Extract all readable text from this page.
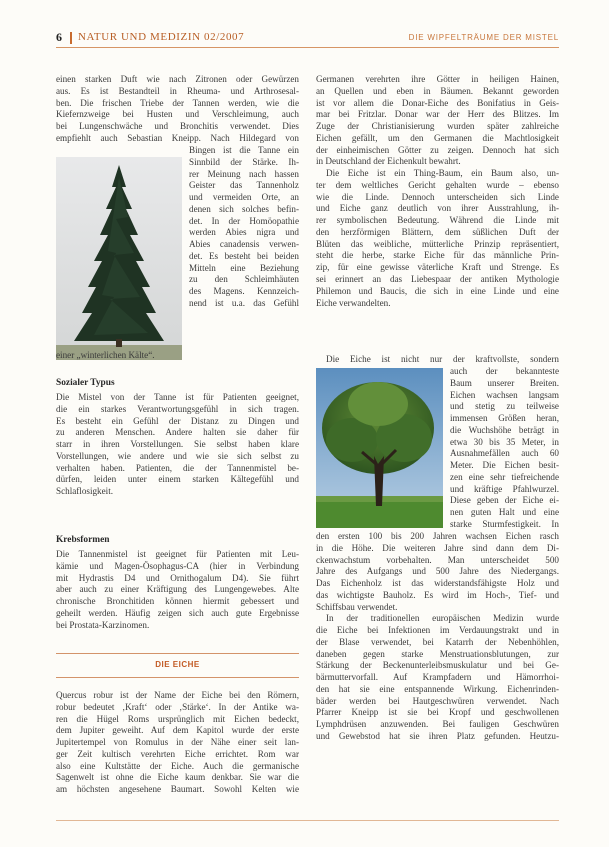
6 NATUR UND MEDIZIN 02/2007	DIE WIPFELTRÄUME DER MISTEL
einen starken Duft wie nach Zitronen oder Gewürzen
aus. Es ist Bestandteil in Rheuma- und Arthrosesal-
ben. Die frischen Triebe der Tannen werden, wie die
Kiefernzweige bei Husten und Verschleimung, auch
bei Lungenschwäche und Bronchitis verwendet. Dies
empfiehlt auch Sebastian Kneipp. Nach Hildegard von
Bingen ist die Tanne ein
Sinnbild der Stärke. Ih-
rer Meinung nach hassen
Geister das Tannenholz
und vermeiden Orte, an
denen sich solches befin-
det. In der Homöopathie
werden Abies nigra und
Abies canadensis verwen-
det. Es besteht bei beiden
Mitteln eine Beziehung
zu den Schleimhäuten
des Magens. Kennzeich-
nend ist u.a. das Gefühl
einer „winterlichen Kälte“.
Sozialer Typus
Die Mistel von der Tanne ist für Patienten geeignet,
die ein starkes Verantwortungsgefühl in sich tragen.
Es besteht ein Gefühl der Distanz zu Dingen und
zu anderen Menschen. Andere halten sie daher für
starr in ihren Vorstellungen. Sie selbst haben klare
Vorstellungen, wie andere und wie sie sich selbst zu
verhalten haben. Patienten, die der Tannenmistel be-
dürfen, leiden unter einem starken Kältegefühl und
Schlaflosigkeit.
Krebsformen
Die Tannenmistel ist geeignet für Patienten mit Leu-
kämie und Magen-Ösophagus-CA (hier in Verbindung
mit Hydrastis D4 und Ornithogalum D4). Sie führt
aber auch zu einer Kräftigung des Lungengewebes. Alte
chronische Bronchitiden können hiermit gebessert und
geheilt werden. Häufig zeigen sich auch gute Ergebnisse
bei Prostata-Karzinomen.
DIE EICHE
Quercus robur ist der Name der Eiche bei den Römern,
robur bedeutet ‚Kraft‘ oder ‚Stärke‘. In der Antike wa-
ren die Hügel Roms ursprünglich mit Eichen bedeckt,
dem Jupiter geweiht. Auf dem Kapitol wurde der erste
Jupitertempel von Romulus in der Nähe einer seit lan-
ger Zeit kultisch verehrten Eiche errichtet. Rom war
also eine Kultstätte der Eiche. Auch die germanische
Sagenwelt ist ohne die Eiche kaum denkbar. Sie war die
am höchsten angesehene Baumart. Sowohl Kelten wie
Germanen verehrten ihre Götter in heiligen Hainen,
an Quellen und eben in Bäumen. Bekannt geworden
ist vor allem die Donar-Eiche des Bonifatius in Geis-
mar bei Fritzlar. Donar war der Herr des Blitzes. Im
Zuge der Christianisierung wurden später zahlreiche
Eichen gefällt, um den Germanen die Machtlosigkeit
der einheimischen Götter zu zeigen. Dennoch hat sich
in Deutschland der Eichenkult bewahrt.
Die Eiche ist ein Thing-Baum, ein Baum also, un-
ter dem weltliches Gericht gehalten wurde – ebenso
wie die Linde. Dennoch unterscheiden sich Linde
und Eiche ganz deutlich von ihrer Ausstrahlung, ih-
rer symbolischen Bedeutung. Während die Linde mit
den herzförmigen Blättern, dem süßlichen Duft der
Blüten das weibliche, mütterliche Prinzip repräsentiert,
steht die herbe, starke Eiche für das männliche Prin-
zip, für eine gewisse väterliche Kraft und Strenge. Es
sei erinnert an das Liebespaar der antiken Mythologie
Philemon und Baucis, die sich in eine Linde und eine
Eiche verwandelten.
Die Eiche ist nicht nur der kraftvollste, sondern
auch der bekannteste
Baum unserer Breiten.
Eichen wachsen langsam
und stetig zu teilweise
immensen Größen heran,
die Wuchshöhe beträgt in
etwa 30 bis 35 Meter, in
Ausnahmefällen auch 60
Meter. Die Eichen besit-
zen eine sehr tiefreichende
und kräftige Pfahlwurzel.
Diese geben der Eiche ei-
nen guten Halt und eine
starke Sturmfestigkeit. In
den ersten 100 bis 200 Jahren wachsen Eichen rasch
in die Höhe. Die weiteren Jahre sind dann dem Di-
ckenwachstum vorbehalten. Man unterscheidet 500
Jahre des Aufgangs und 500 Jahre des Niedergangs.
Das Eichenholz ist das widerstandsfähigste Holz und
das wichtigste Bauholz. Es wird im Hoch-, Tief- und
Schiffsbau verwendet.
In der traditionellen europäischen Medizin wurde
die Eiche bei Infektionen im Verdauungstrakt und in
der Blase verwendet, bei Katarrh der Nebenhöhlen,
daneben gegen starke Menstruationsblutungen, zur
Stärkung der Beckenunterleibsmuskulatur und bei Ge-
bärmuttervorfall. Auf Krampfadern und Hämorrhoi-
den hat sie eine entspannende Wirkung. Eichenrinden-
bäder werden bei Hautgeschwüren verwendet. Nach
Pfarrer Kneipp ist sie bei Kropf und geschwollenen
Lymphdrüsen anzuwenden. Bei fauligen Geschwüren
und Gewebstod hat sie ihren Platz gefunden. Heutzu-
